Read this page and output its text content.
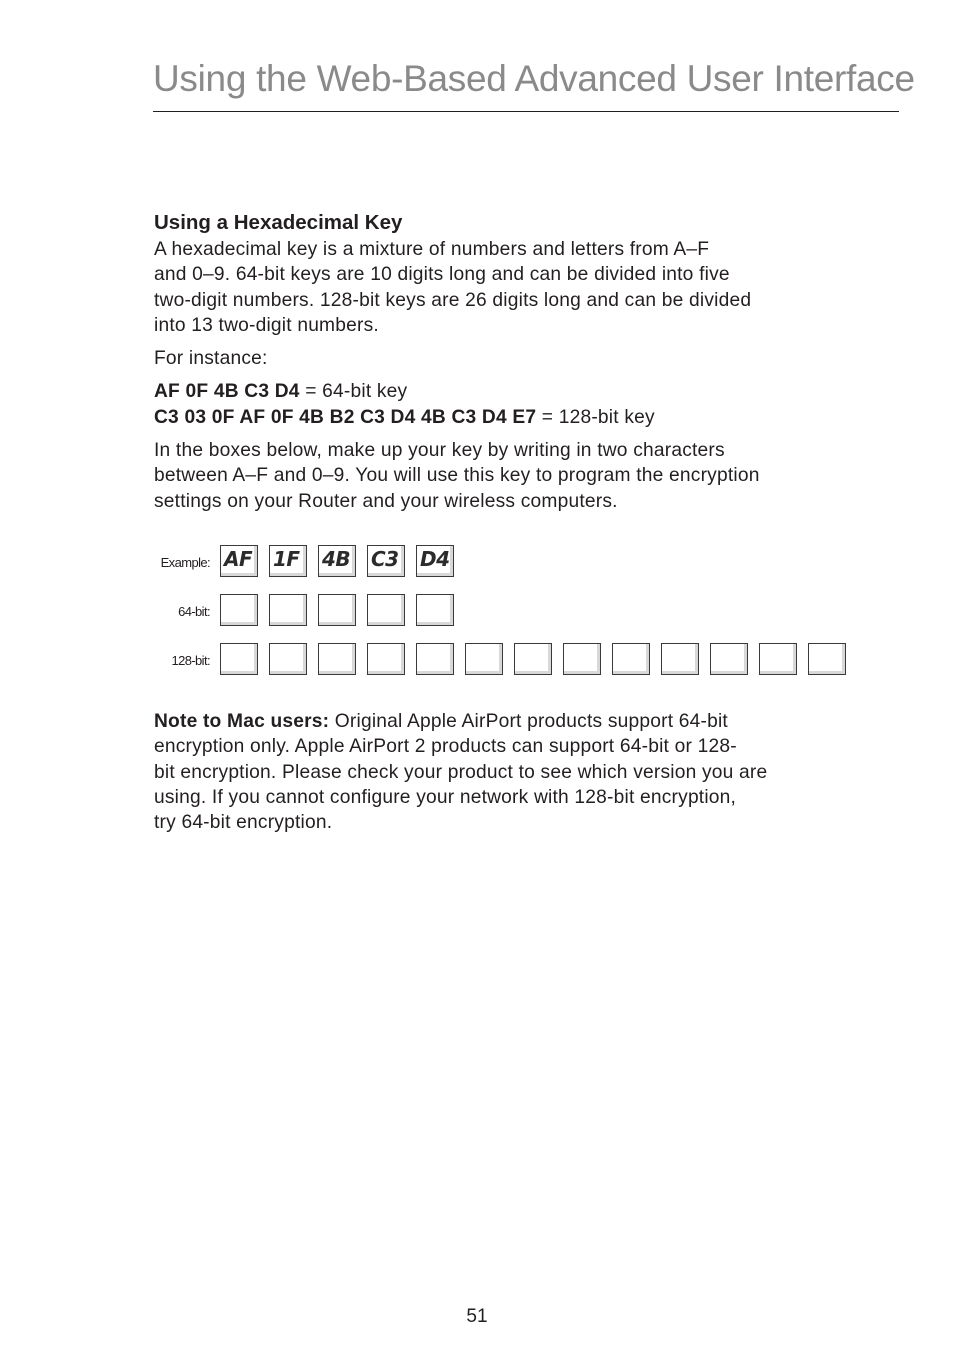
Using the Web-Based Advanced User Interface
Using a Hexadecimal Key

A hexadecimal key is a mixture of numbers and letters from A–F
and 0–9. 64-bit keys are 10 digits long and can be divided into five
two-digit numbers. 128-bit keys are 26 digits long and can be divided
into 13 two-digit numbers.

For instance:

AF 0F 4B C3 D4 = 64-bit key
C3 03 0F AF 0F 4B B2 C3 D4 4B C3 D4 E7 = 128-bit key

In the boxes below, make up your key by writing in two characters
between A–F and 0–9. You will use this key to program the encryption
settings on your Router and your wireless computers.

Example: AF 1F 4B C3 D4
64-bit:
128-bit:
Note to Mac users: Original Apple AirPort products support 64-bit
encryption only. Apple AirPort 2 products can support 64-bit or 128-
bit encryption. Please check your product to see which version you are
using. If you cannot configure your network with 128-bit encryption,
try 64-bit encryption.
51
